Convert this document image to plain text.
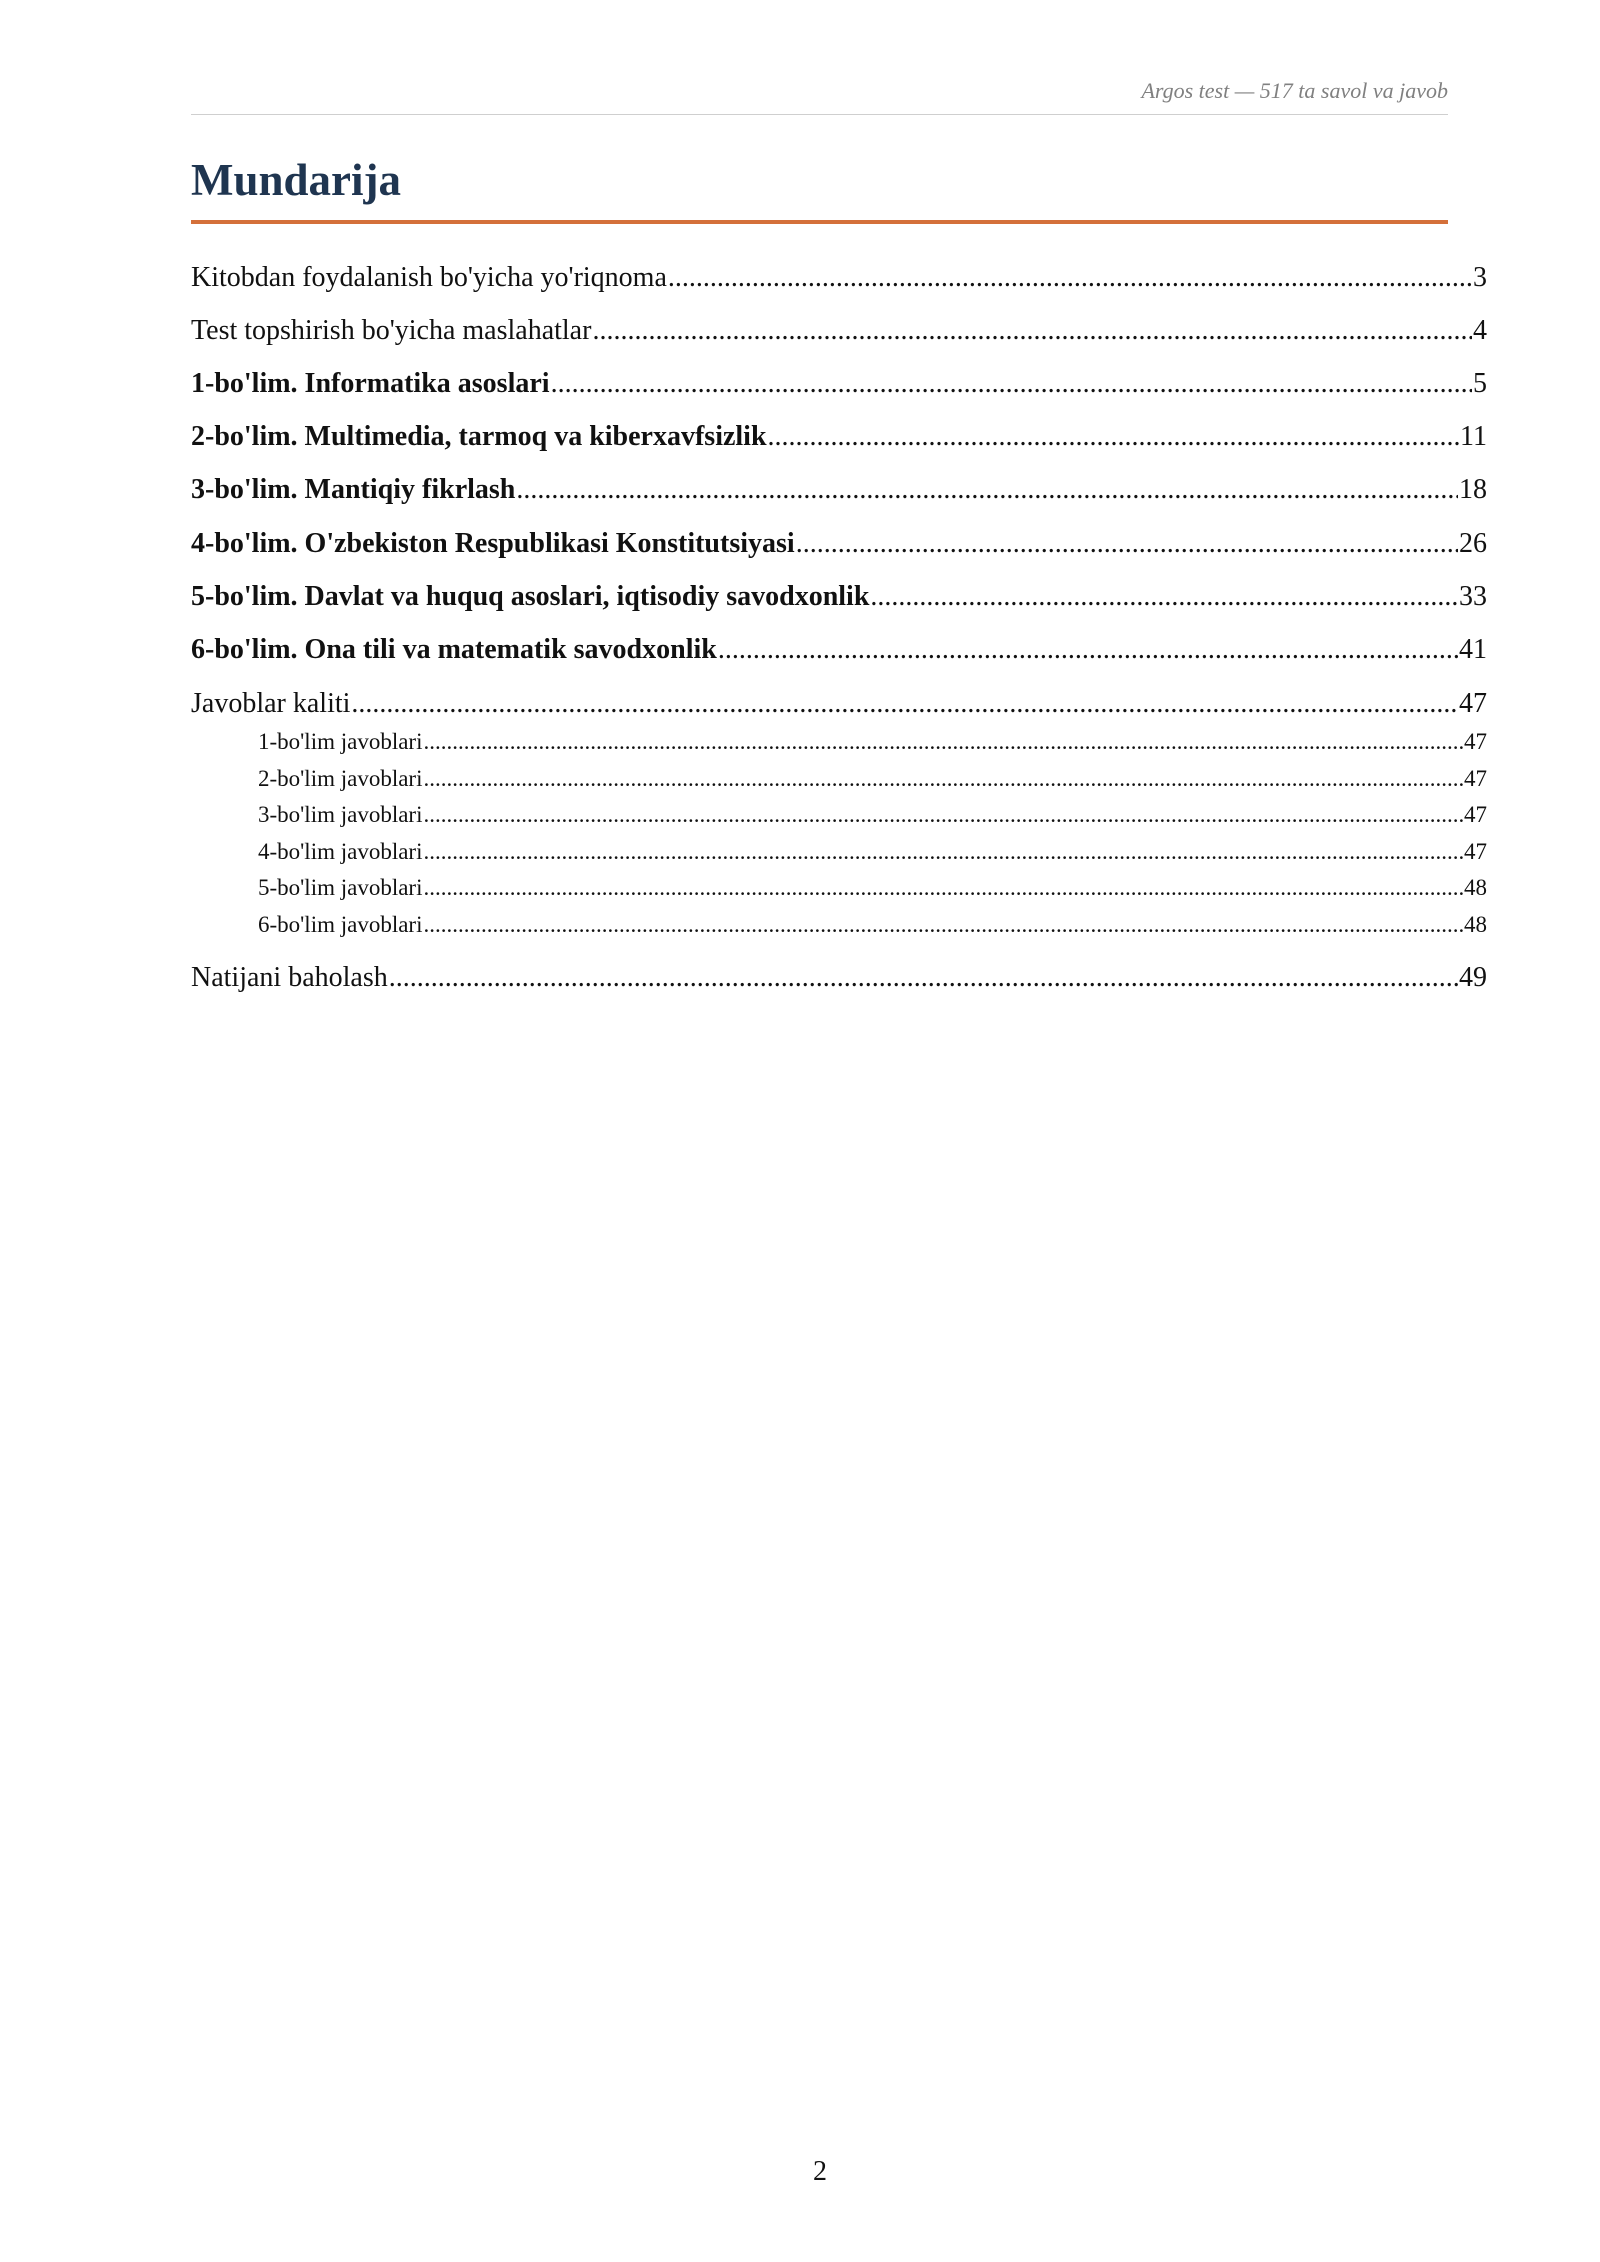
Argos test — 517 ta savol va javob
Mundarija
Kitobdan foydalanish bo'yicha yo'riqnoma .....	3
Test topshirish bo'yicha maslahatlar .....	4
1-bo'lim. Informatika asoslari .....	5
2-bo'lim. Multimedia, tarmoq va kiberxavfsizlik .....	11
3-bo'lim. Mantiqiy fikrlash .....	18
4-bo'lim. O'zbekiston Respublikasi Konstitutsiyasi .....	26
5-bo'lim. Davlat va huquq asoslari, iqtisodiy savodxonlik .....	33
6-bo'lim. Ona tili va matematik savodxonlik .....	41
Javoblar kaliti .....	47
1-bo'lim javoblari .....	47
2-bo'lim javoblari .....	47
3-bo'lim javoblari .....	47
4-bo'lim javoblari .....	47
5-bo'lim javoblari .....	48
6-bo'lim javoblari .....	48
Natijani baholash .....	49
2
